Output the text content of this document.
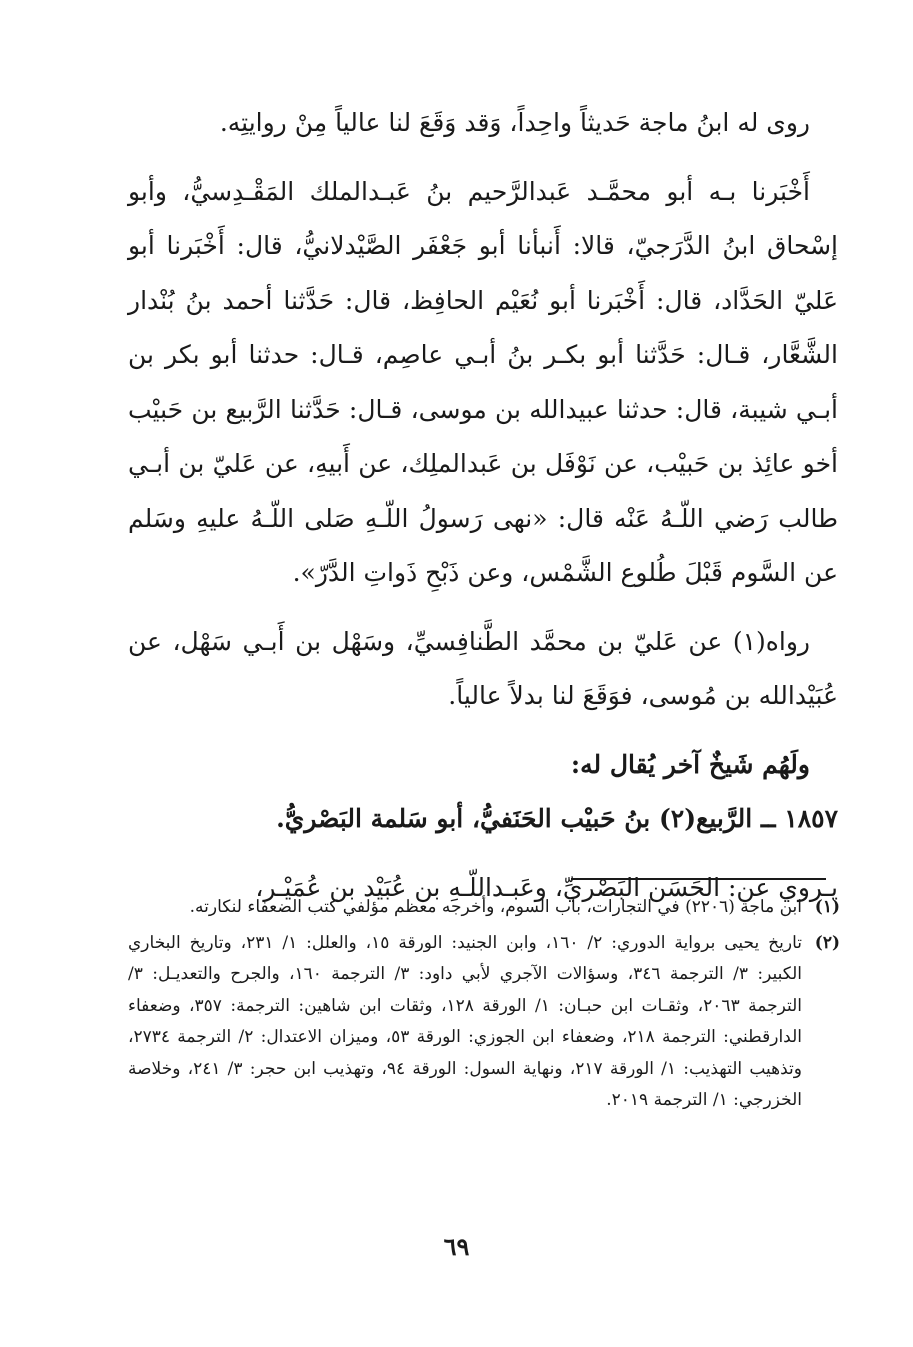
روى له ابنُ ماجة حَديثاً واحِداً، وَقد وَقَعَ لنا عالياً مِنْ روايتِه.

أَخْبَرنا بـه أبو محمَّـد عَبدالرَّحيم بنُ عَبـدالملك المَقْـدِسيُّ، وأبو إسْحاق ابنُ الدَّرَجيّ، قالا: أَنبأنا أبو جَعْفَر الصَّيْدلانيُّ، قال: أَخْبَرنا أبو عَليّ الحَدَّاد، قال: أَخْبَرنا أبو نُعَيْم الحافِظ، قال: حَدَّثنا أحمد بنُ بُنْدار الشَّعَّار، قـال: حَدَّثنا أبو بكـر بنُ أبـي عاصِم، قـال: حدثنا أبو بكر بن أبـي شيبة، قال: حدثنا عبيدالله بن موسى، قـال: حَدَّثنا الرَّبيع بن حَبيْب أخو عائِذ بن حَبيْب، عن نَوْفَل بن عَبدالملِك، عن أَبيهِ، عن عَليّ بن أبـي طالب رَضي اللّـهُ عَنْه قال: «نهى رَسولُ اللّـهِ صَلى اللّـهُ عليهِ وسَلم عن السَّوم قَبْلَ طُلوع الشَّمْس، وعن ذَبْحِ ذَواتِ الدَّرّ».

رواه(١) عن عَليّ بن محمَّد الطَّنافِسيِّ، وسَهْل بن أَبـي سَهْل، عن عُبَيْدالله بن مُوسى، فوَقَعَ لنا بدلاً عالياً.

ولَهُم شَيخٌ آخر يُقال له:

١٨٥٧ ــ الرَّبيع(٢) بنُ حَبيْب الحَنَفيُّ، أبو سَلمة البَصْريُّ.

يـروي عن: الحَسَن البَصْريِّ، وعَبـداللّـهِ بن عُبَيْد بن عُمَيْـر،

(١)
ابن ماجة (٢٢٠٦) في التجارات، باب السوم، وأخرجه معظم مؤلفي كتب الضعفاء لنكارته.
(٢)
تاريخ يحيى برواية الدوري: ٢/ ١٦٠، وابن الجنيد: الورقة ١٥، والعلل: ١/ ٢٣١، وتاريخ البخاري الكبير: ٣/ الترجمة ٣٤٦، وسؤالات الآجري لأبي داود: ٣/ الترجمة ١٦٠، والجرح والتعديـل: ٣/ الترجمة ٢٠٦٣، وثقـات ابن حبـان: ١/ الورقة ١٢٨، وثقات ابن شاهين: الترجمة: ٣٥٧، وضعفاء الدارقطني: الترجمة ٢١٨، وضعفاء ابن الجوزي: الورقة ٥٣، وميزان الاعتدال: ٢/ الترجمة ٢٧٣٤، وتذهيب التهذيب: ١/ الورقة ٢١٧، ونهاية السول: الورقة ٩٤، وتهذيب ابن حجر: ٣/ ٢٤١، وخلاصة الخزرجي: ١/ الترجمة ٢٠١٩.
٦٩
